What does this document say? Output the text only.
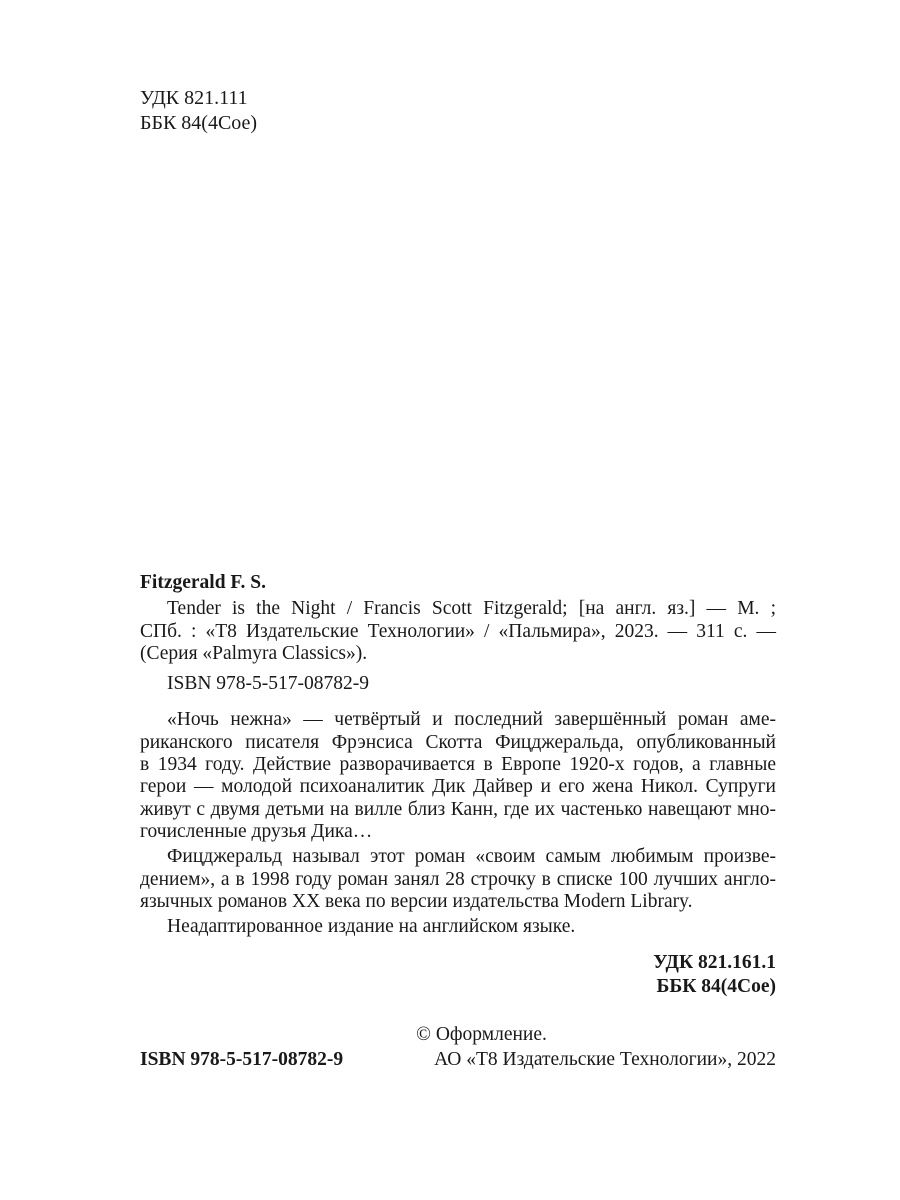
УДК 821.111
ББК 84(4Сое)
Fitzgerald F. S.
Tender is the Night / Francis Scott Fitzgerald; [на англ. яз.] — М. ;
СПб. : «Т8 Издательские Технологии» / «Пальмира», 2023. — 311 с. —
(Серия «Palmyra Classics»).
ISBN 978-5-517-08782-9
«Ночь нежна» — четвёртый и последний завершённый роман аме-
риканского писателя Фрэнсиса Скотта Фицджеральда, опубликованный
в 1934 году. Действие разворачивается в Европе 1920-х годов, а главные
герои — молодой психоаналитик Дик Дайвер и его жена Никол. Супруги
живут с двумя детьми на вилле близ Канн, где их частенько навещают мно-
гочисленные друзья Дика…
Фицджеральд называл этот роман «своим самым любимым произве-
дением», а в 1998 году роман занял 28 строчку в списке 100 лучших англо-
язычных романов XX века по версии издательства Modern Library.
Неадаптированное издание на английском языке.
УДК 821.161.1
ББК 84(4Сое)
ISBN 978-5-517-08782-9
© Оформление.
АО «Т8 Издательские Технологии», 2022
